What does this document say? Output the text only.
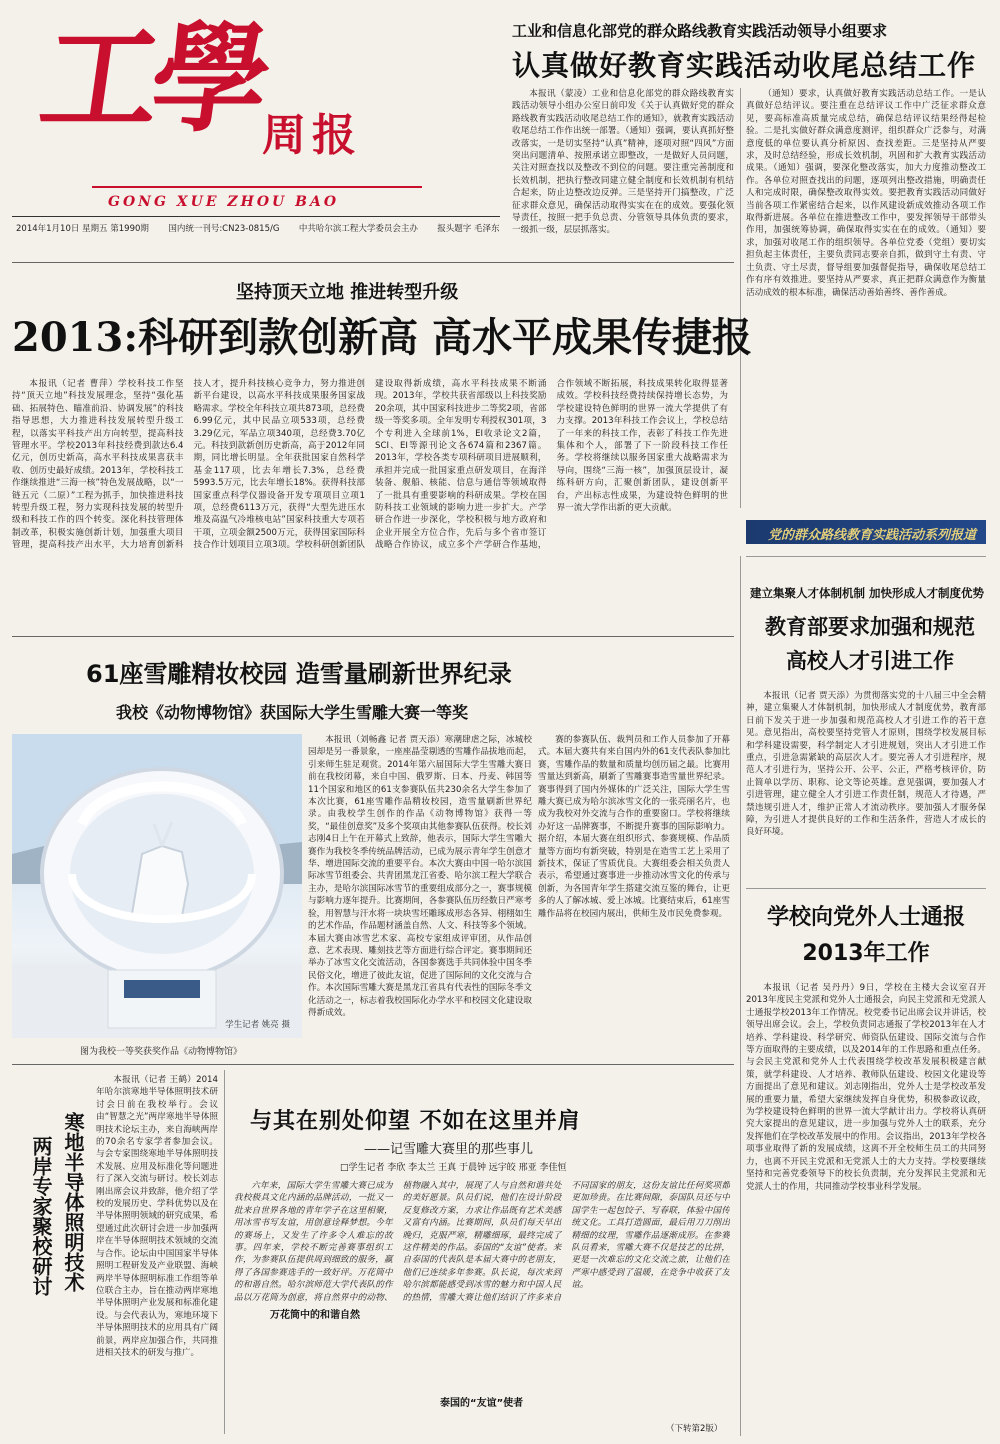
工學
周报
GONG XUE ZHOU BAO
2014年1月10日 星期五 第1990期 国内统一刊号:CN23-0815/G 中共哈尔滨工程大学委员会主办 报头题字 毛泽东
工业和信息化部党的群众路线教育实践活动领导小组要求
认真做好教育实践活动收尾总结工作

本报讯（蒙凌）工业和信息化部党的群众路线教育实践活动领导小组办公室日前印发《关于认真做好党的群众路线教育实践活动收尾总结工作的通知》，就教育实践活动收尾总结工作作出统一部署。（通知）强调，要认真抓好整改落实，一是切实坚持“认真”精神，逐项对照“四风”方面突出问题清单、按照承诺立即整改，一是做好人员问题，关注对照查找以及整改不到位的问题。要注重完善制度和长效机制，把执行整改同建立健全制度和长效机制有机结合起来，防止边整改边反弹。三是坚持开门搞整改，广泛征求群众意见，确保活动取得实实在在的成效。要强化领导责任，按照一把手负总责、分管领导具体负责的要求，一级抓一级，层层抓落实。

（通知）要求，认真做好教育实践活动总结工作。一是认真做好总结评议。要注重在总结评议工作中广泛征求群众意见，要高标准高质量完成总结，确保总结评议结果经得起检验。二是扎实做好群众满意度测评，组织群众广泛参与，对满意度低的单位要认真分析原因、查找差距。三是坚持从严要求，及时总结经验，形成长效机制，巩固和扩大教育实践活动成果。（通知）强调，要深化整改落实，加大力度推动整改工作。各单位对照查找出的问题，逐项列出整改措施，明确责任人和完成时限，确保整改取得实效。要把教育实践活动同做好当前各项工作紧密结合起来，以作风建设新成效推动各项工作取得新进展。各单位在推进整改工作中，要发挥领导干部带头作用，加强统筹协调，确保取得实实在在的成效。（通知）要求，加强对收尾工作的组织领导。各单位党委（党组）要切实担负起主体责任，主要负责同志要亲自抓，做到守土有责、守土负责、守土尽责，督导组要加强督促指导，确保收尾总结工作有序有效推进。要坚持从严要求，真正把群众满意作为衡量活动成效的根本标准，确保活动善始善终、善作善成。

坚持顶天立地 推进转型升级
2013:科研到款创新高 高水平成果传捷报

本报讯（记者 曹萍）学校科技工作坚持“顶天立地”科技发展理念，坚持“强化基础、拓展特色、瞄准前沿、协调发展”的科技指导思想，大力推进科技发展转型升级工程，以落实平科技产出方向转型，提高科技管理水平。学校2013年科技经费到款达6.4亿元，创历史新高，高水平科技成果喜获丰收、创历史最好成绩。2013年，学校科技工作继续推进“三海一核”特色发展战略，以“一链五元（二原）”工程为抓手，加快推进科技转型升级工程，努力实现科技发展的转型升级和科技工作的四个转变。深化科技管理体制改革，积极实施创新计划，加强重大项目管理，提高科技产出水平，大力培育创新科技人才，提升科技核心竞争力，努力推进创新平台建设，以高水平科技成果服务国家战略需求。学校全年科技立项共873项，总经费6.99亿元，其中民品立项533项，总经费3.29亿元，军品立项340项，总经费3.70亿元。科技到款新创历史新高，高于2012年同期，同比增长明显。全年获批国家自然科学基金117项，比去年增长7.3%，总经费5993.5万元，比去年增长18%。获得科技部国家重点科学仪器设备开发专项项目立项1项，总经费6113万元，获得“大型先进压水堆及高温气冷堆核电站”国家科技重大专项若干项，立项金额2500万元，获得国家国际科技合作计划项目立项3项。学校科研创新团队建设取得新成绩，高水平科技成果不断涌现。2013年，学校共获省部级以上科技奖励20余项，其中国家科技进步二等奖2项，省部级一等奖多项。全年发明专利授权301项，3个专利进入全球前1%，EI收录论文2篇，SCI、EI等源刊论文各674篇和2367篇。2013年，学校各类专项科研项目进展顺利，承担并完成一批国家重点研发项目，在海洋装备、舰船、核能、信息与通信等领域取得了一批具有重要影响的科研成果。学校在国防科技工业领域的影响力进一步扩大。产学研合作进一步深化，学校积极与地方政府和企业开展全方位合作，先后与多个省市签订战略合作协议，成立多个产学研合作基地，合作领域不断拓展，科技成果转化取得显著成效。学校科技经费持续保持增长态势，为学校建设特色鲜明的世界一流大学提供了有力支撑。2013年科技工作会议上，学校总结了一年来的科技工作，表彰了科技工作先进集体和个人，部署了下一阶段科技工作任务。学校将继续以服务国家重大战略需求为导向，围绕“三海一核”，加强顶层设计，凝练科研方向，汇聚创新团队，建设创新平台，产出标志性成果，为建设特色鲜明的世界一流大学作出新的更大贡献。

党的群众路线教育实践活动系列报道
建立集聚人才体制机制 加快形成人才制度优势
教育部要求加强和规范高校人才引进工作

本报讯（记者 贾天添）为贯彻落实党的十八届三中全会精神，建立集聚人才体制机制，加快形成人才制度优势，教育部日前下发关于进一步加强和规范高校人才引进工作的若干意见。意见指出，高校要坚持党管人才原则，围绕学校发展目标和学科建设需要，科学制定人才引进规划，突出人才引进工作重点，引进急需紧缺的高层次人才。要完善人才引进程序，规范人才引进行为，坚持公开、公平、公正，严格考核评价，防止简单以学历、职称、论文等论英雄。意见强调，要加强人才引进管理，建立健全人才引进工作责任制，规范人才待遇，严禁违规引进人才，维护正常人才流动秩序。要加强人才服务保障，为引进人才提供良好的工作和生活条件，营造人才成长的良好环境。

学校向党外人士通报2013年工作

本报讯（记者 吴丹丹）9日，学校在主楼大会议室召开2013年度民主党派和党外人士通报会，向民主党派和无党派人士通报学校2013年工作情况。校党委书记出席会议并讲话，校领导出席会议。会上，学校负责同志通报了学校2013年在人才培养、学科建设、科学研究、师资队伍建设、国际交流与合作等方面取得的主要成绩，以及2014年的工作思路和重点任务。与会民主党派和党外人士代表围绕学校改革发展积极建言献策，就学科建设、人才培养、教师队伍建设、校园文化建设等方面提出了意见和建议。刘志刚指出，党外人士是学校改革发展的重要力量，希望大家继续发挥自身优势，积极参政议政，为学校建设特色鲜明的世界一流大学献计出力。学校将认真研究大家提出的意见建议，进一步加强与党外人士的联系，充分发挥他们在学校改革发展中的作用。会议指出，2013年学校各项事业取得了新的发展成绩，这离不开全校师生员工的共同努力，也离不开民主党派和无党派人士的大力支持。学校要继续坚持和完善党委领导下的校长负责制，充分发挥民主党派和无党派人士的作用，共同推动学校事业科学发展。

61座雪雕精妆校园 造雪量刷新世界纪录
我校《动物博物馆》获国际大学生雪雕大赛一等奖
学生记者 姚亮 摄
图为我校一等奖获奖作品《动物博物馆》

本报讯（刘畅鑫 记者 贾天添）寒潮肆虐之际，冰城校园却是另一番景象，一座座晶莹剔透的雪雕作品拔地而起，引来师生驻足观赏。2014年第六届国际大学生雪雕大赛日前在我校闭幕，来自中国、俄罗斯、日本、丹麦、韩国等11个国家和地区的61支参赛队伍共230余名大学生参加了本次比赛，61座雪雕作品精妆校园，造雪量刷新世界纪录。由我校学生创作的作品《动物博物馆》获得一等奖，“最佳创意奖”及多个奖项由其他参赛队伍获得。校长刘志刚4日上午在开幕式上致辞，他表示，国际大学生雪雕大赛作为我校冬季传统品牌活动，已成为展示青年学生创意才华、增进国际交流的重要平台。本次大赛由中国一哈尔滨国际冰雪节组委会、共青团黑龙江省委、哈尔滨工程大学联合主办，是哈尔滨国际冰雪节的重要组成部分之一，赛事规模与影响力逐年提升。比赛期间，各参赛队伍历经数日严寒考验，用智慧与汗水将一块块雪坯雕琢成形态各异、栩栩如生的艺术作品，作品题材涵盖自然、人文、科技等多个领域。本届大赛由冰雪艺术家、高校专家组成评审团，从作品创意、艺术表现、雕刻技艺等方面进行综合评定。赛事期间还举办了冰雪文化交流活动，各国参赛选手共同体验中国冬季民俗文化，增进了彼此友谊，促进了国际间的文化交流与合作。本次国际雪雕大赛是黑龙江省具有代表性的国际冬季文化活动之一，标志着我校国际化办学水平和校园文化建设取得新成效。

赛的参赛队伍、裁判员和工作人员参加了开幕式。本届大赛共有来自国内外的61支代表队参加比赛，雪雕作品的数量和质量均创历届之最。比赛用雪量达到新高，刷新了雪雕赛事造雪量世界纪录。赛事得到了国内外媒体的广泛关注，国际大学生雪雕大赛已成为哈尔滨冰雪文化的一张亮丽名片，也成为我校对外交流与合作的重要窗口。学校将继续办好这一品牌赛事，不断提升赛事的国际影响力。据介绍，本届大赛在组织形式、参赛规模、作品质量等方面均有新突破，特别是在造雪工艺上采用了新技术，保证了雪质优良。大赛组委会相关负责人表示，希望通过赛事进一步推动冰雪文化的传承与创新，为各国青年学生搭建交流互鉴的舞台，让更多的人了解冰城、爱上冰城。比赛结束后，61座雪雕作品将在校园内展出，供师生及市民免费参观。

寒地半导体照明技术
两岸专家聚校研讨

本报讯（记者 王鹤）2014年哈尔滨寒地半导体照明技术研讨会日前在我校举行。会议由“智慧之光”两岸寒地半导体照明技术论坛主办，来自海峡两岸的70余名专家学者参加会议。与会专家围绕寒地半导体照明技术发展、应用及标准化等问题进行了深入交流与研讨。校长刘志刚出席会议并致辞，他介绍了学校的发展历史、学科优势以及在半导体照明领域的研究成果，希望通过此次研讨会进一步加强两岸在半导体照明技术领域的交流与合作。论坛由中国国家半导体照明工程研发及产业联盟、海峡两岸半导体照明标准工作组等单位联合主办，旨在推动两岸寒地半导体照明产业发展和标准化建设。与会代表认为，寒地环境下半导体照明技术的应用具有广阔前景，两岸应加强合作，共同推进相关技术的研发与推广。

与其在别处仰望 不如在这里并肩
——记雪雕大赛里的那些事儿
□学生记者 李欣 李太兰 王真 于晨钟 远宇皎 邢亚 李佳恒

六年来，国际大学生雪雕大赛已成为我校极具文化内涵的品牌活动，一批又一批来自世界各地的青年学子在这里相聚，用冰雪书写友谊，用创意诠释梦想。今年的赛场上，又发生了许多令人难忘的故事。四年来，学校不断完善赛事组织工作，为参赛队伍提供周到细致的服务，赢得了各国参赛选手的一致好评。万花筒中的和谐自然。哈尔滨师范大学代表队的作品以万花筒为创意，将自然界中的动物、植物融入其中，展现了人与自然和谐共处的美好愿景。队员们说，他们在设计阶段反复修改方案，力求让作品既有艺术美感又富有内涵。比赛期间，队员们每天早出晚归，克服严寒，精雕细琢，最终完成了这件精美的作品。泰国的“友谊”使者。来自泰国的代表队是本届大赛中的老朋友，他们已连续多年参赛。队长说，每次来到哈尔滨都能感受到冰雪的魅力和中国人民的热情，雪雕大赛让他们结识了许多来自不同国家的朋友，这份友谊比任何奖项都更加珍贵。在比赛间隙，泰国队员还与中国学生一起包饺子、写春联，体验中国传统文化。工具打造圆面，最后用刀刀削出精细的纹理，雪雕作品逐渐成形。在参赛队员看来，雪雕大赛不仅是技艺的比拼，更是一次难忘的文化交流之旅，让他们在严寒中感受到了温暖，在竞争中收获了友谊。

万花筒中的和谐自然
泰国的“友谊”使者
（下转第2版）
